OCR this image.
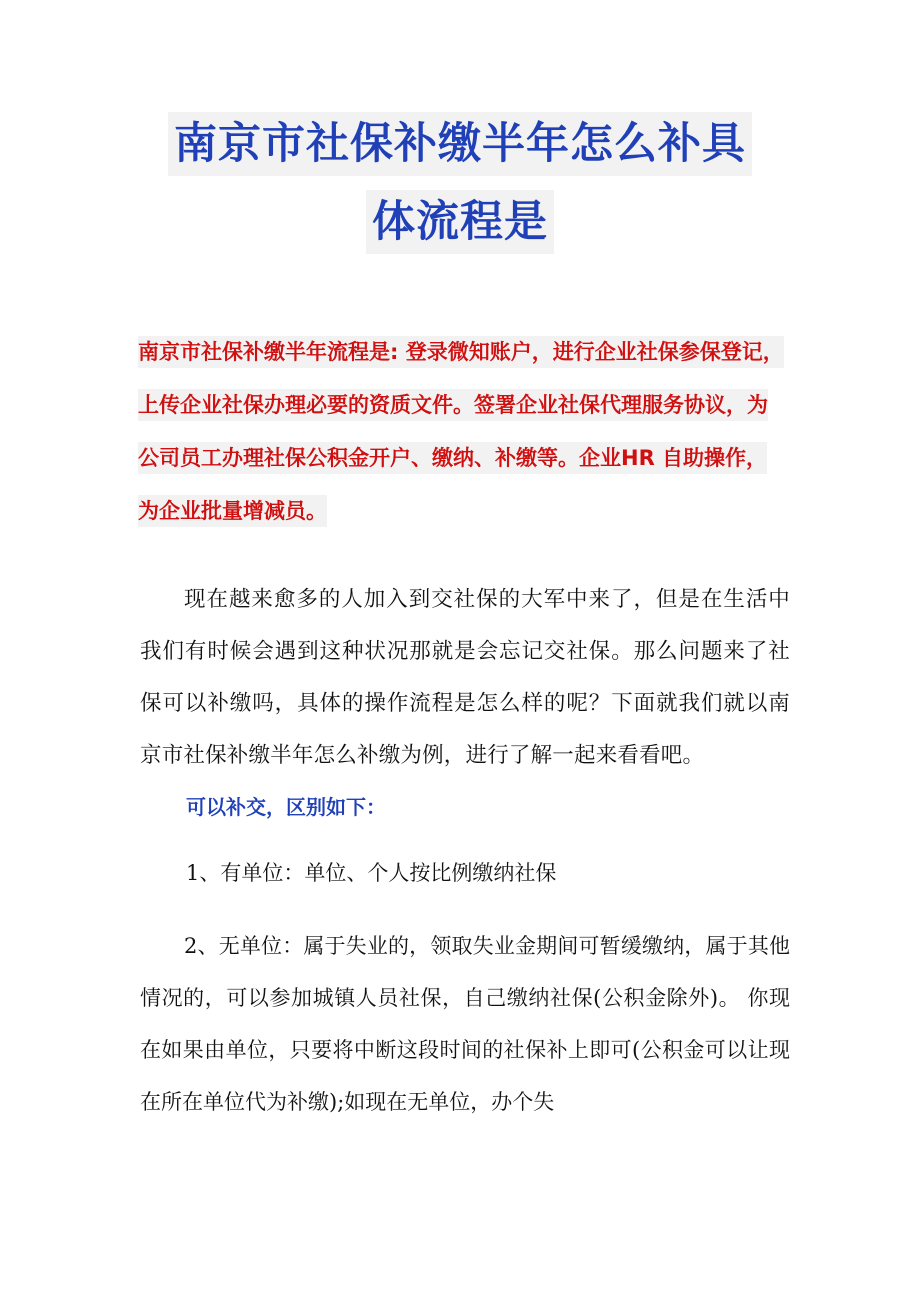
南京市社保补缴半年怎么补具
体流程是

南京市社保补缴半年流程是: 登录微知账户，进行企业社保参保登记，上传企业社保办理必要的资质文件。签署企业社保代理服务协议，为公司员工办理社保公积金开户、缴纳、补缴等。企业HR 自助操作，为企业批量增减员。

现在越来愈多的人加入到交社保的大军中来了，但是在生活中我们有时候会遇到这种状况那就是会忘记交社保。那么问题来了社保可以补缴吗，具体的操作流程是怎么样的呢？下面就我们就以南京市社保补缴半年怎么补缴为例，进行了解一起来看看吧。

可以补交，区别如下：

1、有单位：单位、个人按比例缴纳社保

2、无单位：属于失业的，领取失业金期间可暂缓缴纳，属于其他情况的，可以参加城镇人员社保，自己缴纳社保(公积金除外)。 你现在如果由单位，只要将中断这段时间的社保补上即可(公积金可以让现在所在单位代为补缴);如现在无单位，办个失
